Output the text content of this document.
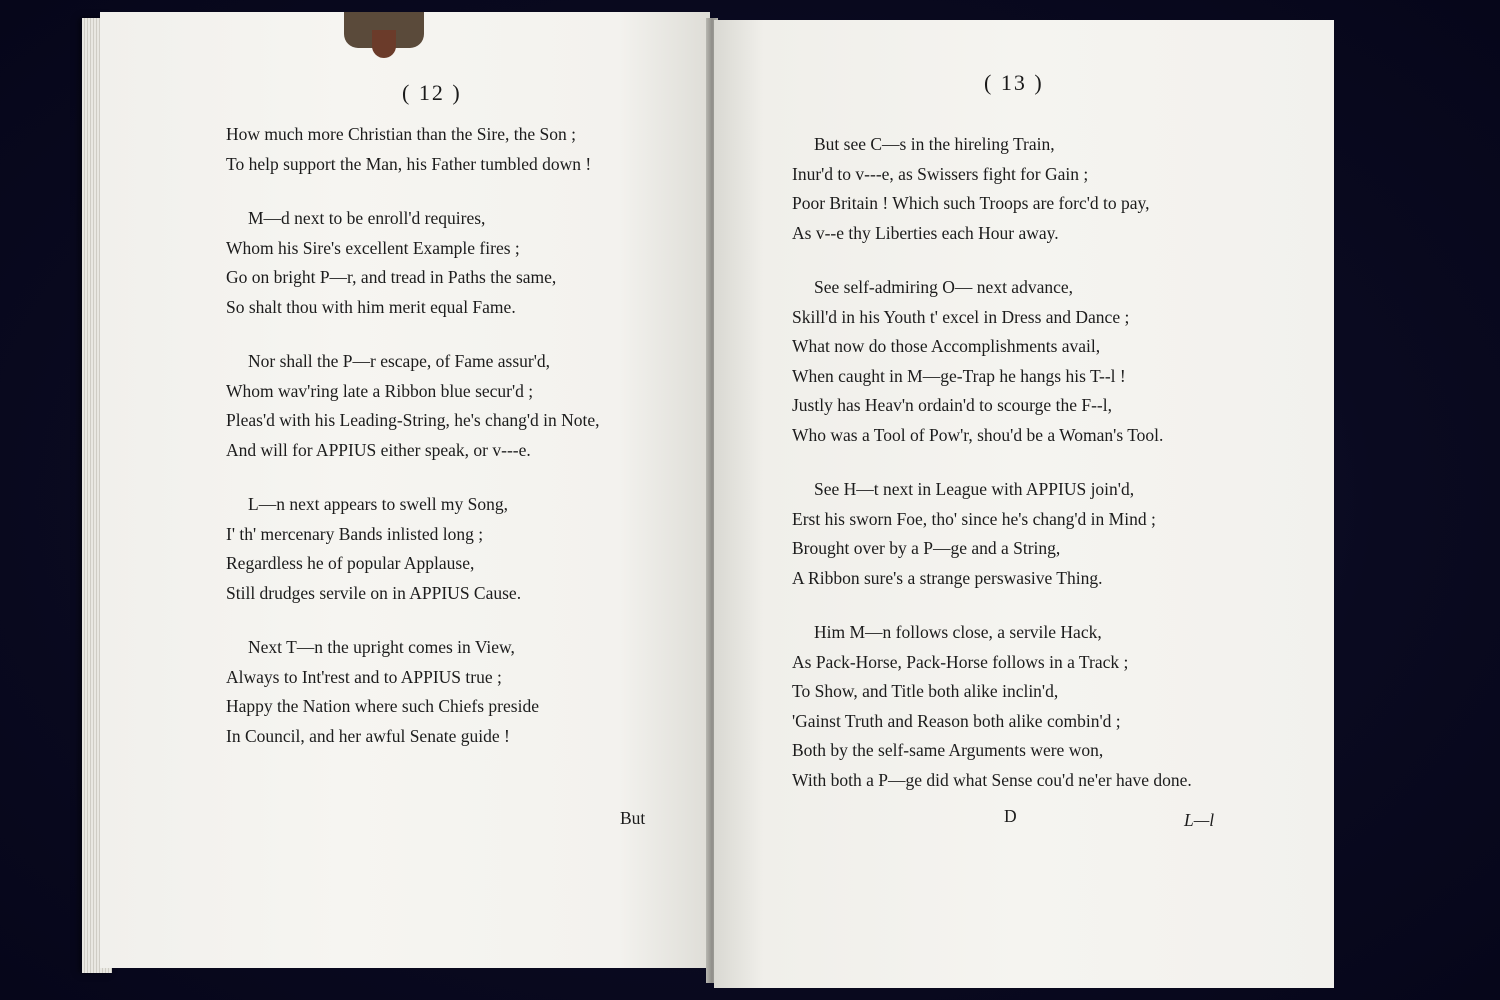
( 12 )
How much more Christian than the Sire, the Son ;
To help support the Man, his Father tumbled down !
M—d next to be enroll'd requires,
Whom his Sire's excellent Example fires ;
Go on bright P—r, and tread in Paths the same,
So shalt thou with him merit equal Fame.
Nor shall the P—r escape, of Fame assur'd,
Whom wav'ring late a Ribbon blue secur'd ;
Pleas'd with his Leading-String, he's chang'd in Note,
And will for APPIUS either speak, or v---e.
L—n next appears to swell my Song,
I' th' mercenary Bands inlisted long ;
Regardless he of popular Applause,
Still drudges servile on in APPIUS Cause.
Next T—n the upright comes in View,
Always to Int'rest and to APPIUS true ;
Happy the Nation where such Chiefs preside
In Council, and her awful Senate guide !
But
( 13 )
But see C—s in the hireling Train,
Inur'd to v---e, as Swissers fight for Gain ;
Poor Britain ! Which such Troops are forc'd to pay,
As v--e thy Liberties each Hour away.
See self-admiring O— next advance,
Skill'd in his Youth t' excel in Dress and Dance ;
What now do those Accomplishments avail,
When caught in M—ge-Trap he hangs his T--l !
Justly has Heav'n ordain'd to scourge the F--l,
Who was a Tool of Pow'r, shou'd be a Woman's Tool.
See H—t next in League with APPIUS join'd,
Erst his sworn Foe, tho' since he's chang'd in Mind ;
Brought over by a P—ge and a String,
A Ribbon sure's a strange perswasive Thing.
Him M—n follows close, a servile Hack,
As Pack-Horse, Pack-Horse follows in a Track ;
To Show, and Title both alike inclin'd,
'Gainst Truth and Reason both alike combin'd ;
Both by the self-same Arguments were won,
With both a P—ge did what Sense cou'd ne'er have done.
D	L—l
